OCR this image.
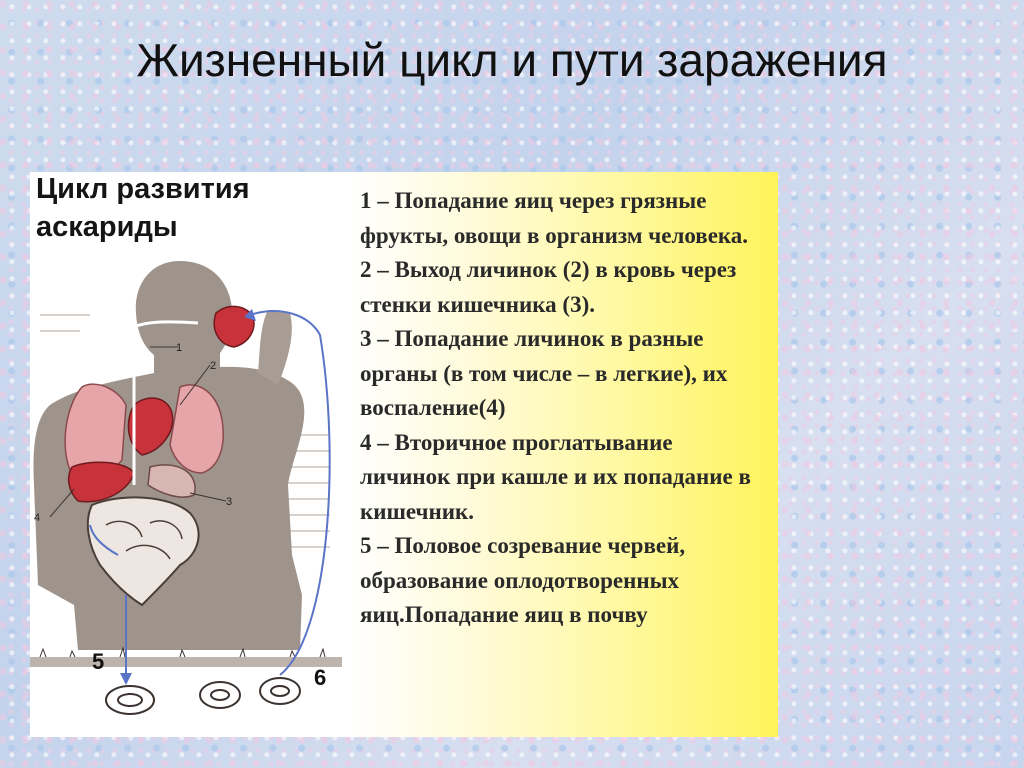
Жизненный цикл и пути заражения
Цикл развития аскариды
1
2
3
4
5
6

1 – Попадание яиц через грязные фрукты, овощи в организм человека.

2 – Выход личинок (2) в кровь через стенки кишечника (3).

3 – Попадание личинок в разные органы (в том числе – в легкие), их воспаление(4)

4 – Вторичное проглатывание личинок при кашле и их попадание в кишечник.

5 – Половое созревание червей, образование оплодотворенных яиц.Попадание яиц в почву
